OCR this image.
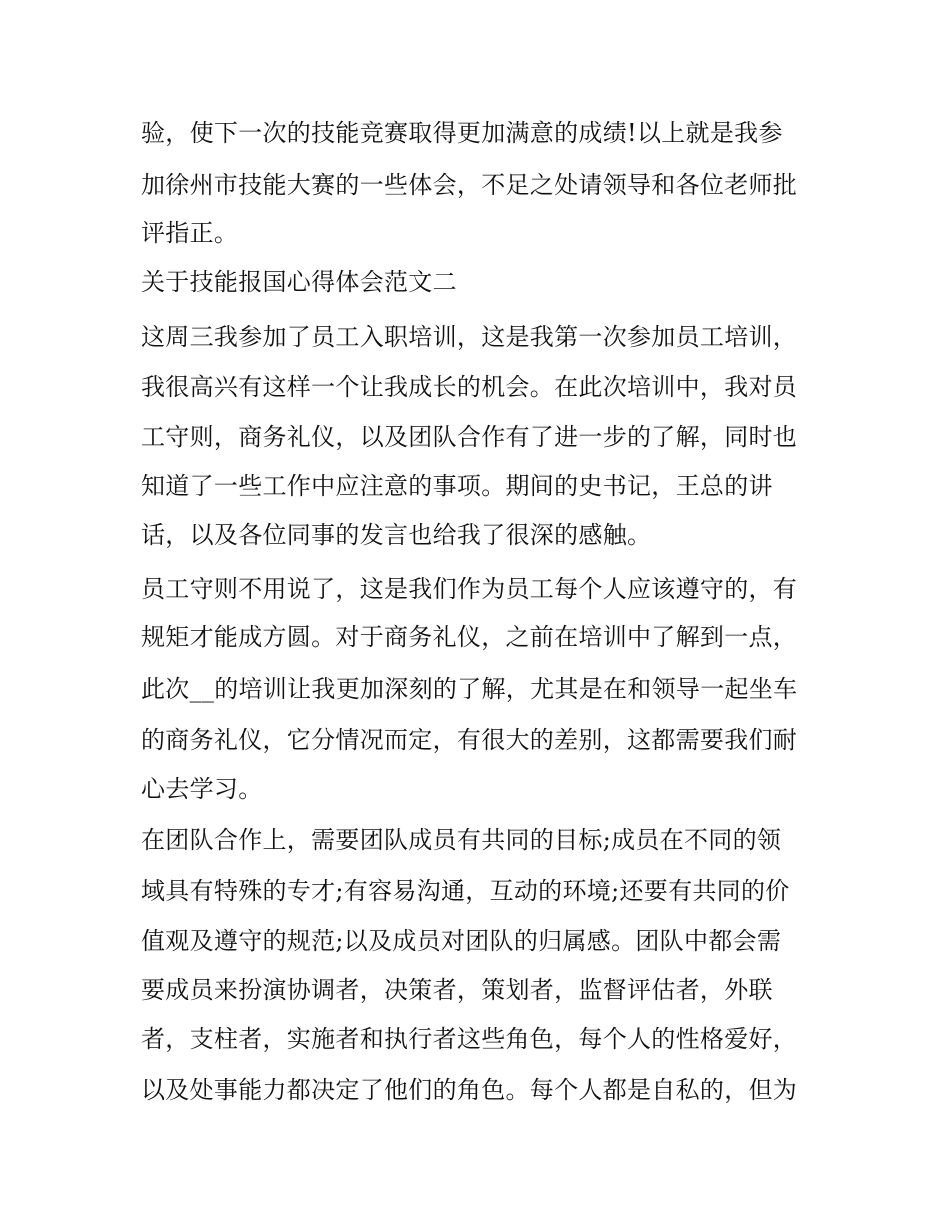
验，使下一次的技能竞赛取得更加满意的成绩!以上就是我参
加徐州市技能大赛的一些体会，不足之处请领导和各位老师批
评指正。
关于技能报国心得体会范文二
这周三我参加了员工入职培训，这是我第一次参加员工培训，
我很高兴有这样一个让我成长的机会。在此次培训中，我对员
工守则，商务礼仪，以及团队合作有了进一步的了解，同时也
知道了一些工作中应注意的事项。期间的史书记，王总的讲
话，以及各位同事的发言也给我了很深的感触。
员工守则不用说了，这是我们作为员工每个人应该遵守的，有
规矩才能成方圆。对于商务礼仪，之前在培训中了解到一点，
此次__的培训让我更加深刻的了解，尤其是在和领导一起坐车
的商务礼仪，它分情况而定，有很大的差别，这都需要我们耐
心去学习。
在团队合作上，需要团队成员有共同的目标;成员在不同的领
域具有特殊的专才;有容易沟通，互动的环境;还要有共同的价
值观及遵守的规范;以及成员对团队的归属感。团队中都会需
要成员来扮演协调者，决策者，策划者，监督评估者，外联
者，支柱者，实施者和执行者这些角色，每个人的性格爱好，
以及处事能力都决定了他们的角色。每个人都是自私的，但为
